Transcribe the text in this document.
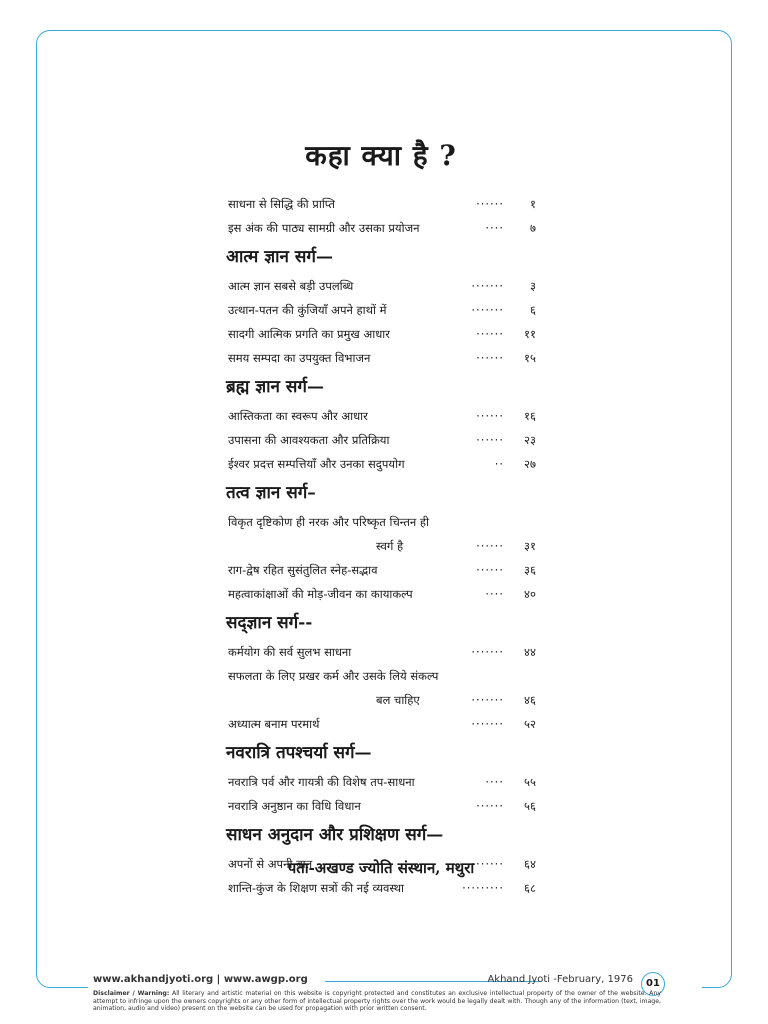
कहा क्या है ?
साधना से सिद्धि की प्राप्ति	······ १
इस अंक की पाठ्य सामग्री और उसका प्रयोजन	···· ७
आत्म ज्ञान सर्ग—
आत्म ज्ञान सबसे बड़ी उपलब्धि	······· ३
उत्थान-पतन की कुंजियाँ अपने हाथों में	······· ६
सादगी आत्मिक प्रगति का प्रमुख आधार	······ ११
समय सम्पदा का उपयुक्त विभाजन	······ १५
ब्रह्म ज्ञान सर्ग—
आस्तिकता का स्वरूप और आधार	······ १६
उपासना की आवश्यकता और प्रतिक्रिया	······ २३
ईश्वर प्रदत्त सम्पत्तियाँ और उनका सदुपयोग	·· २७
तत्व ज्ञान सर्ग–
विकृत दृष्टिकोण ही नरक और परिष्कृत चिन्तन ही
स्वर्ग है	······ ३१
राग-द्वेष रहित सुसंतुलित स्नेह-सद्भाव	······ ३६
महत्वाकांक्षाओं की मोड़-जीवन का कायाकल्प	···· ४०
सद्ज्ञान सर्ग--
कर्मयोग की सर्व सुलभ साधना	······· ४४
सफलता के लिए प्रखर कर्म और उसके लिये संकल्प
बल चाहिए	······· ४६
अध्यात्म बनाम परमार्थ	······· ५२
नवरात्रि तपश्चर्या सर्ग—
नवरात्रि पर्व और गायत्री की विशेष तप-साधना	···· ५५
नवरात्रि अनुष्ठान का विधि विधान	······ ५६
साधन अनुदान और प्रशिक्षण सर्ग—
अपनों से अपनी बात	······· ६४
शान्ति-कुंज के शिक्षण सत्रों की नई व्यवस्था	········· ६८
पता-अखण्ड ज्योति संस्थान, मथुरा
www.akhandjyoti.org | www.awgp.org	Akhand Jyoti -February, 1976	01
Disclaimer / Warning: All literary and artistic material on this website is copyright protected and constitutes an exclusive intellectual property of the owner of the website. Any attempt to infringe upon the owners copyrights or any other form of intellectual property rights over the work would be legally dealt with. Though any of the information (text, image, animation, audio and video) present on the website can be used for propagation with prior written consent.
